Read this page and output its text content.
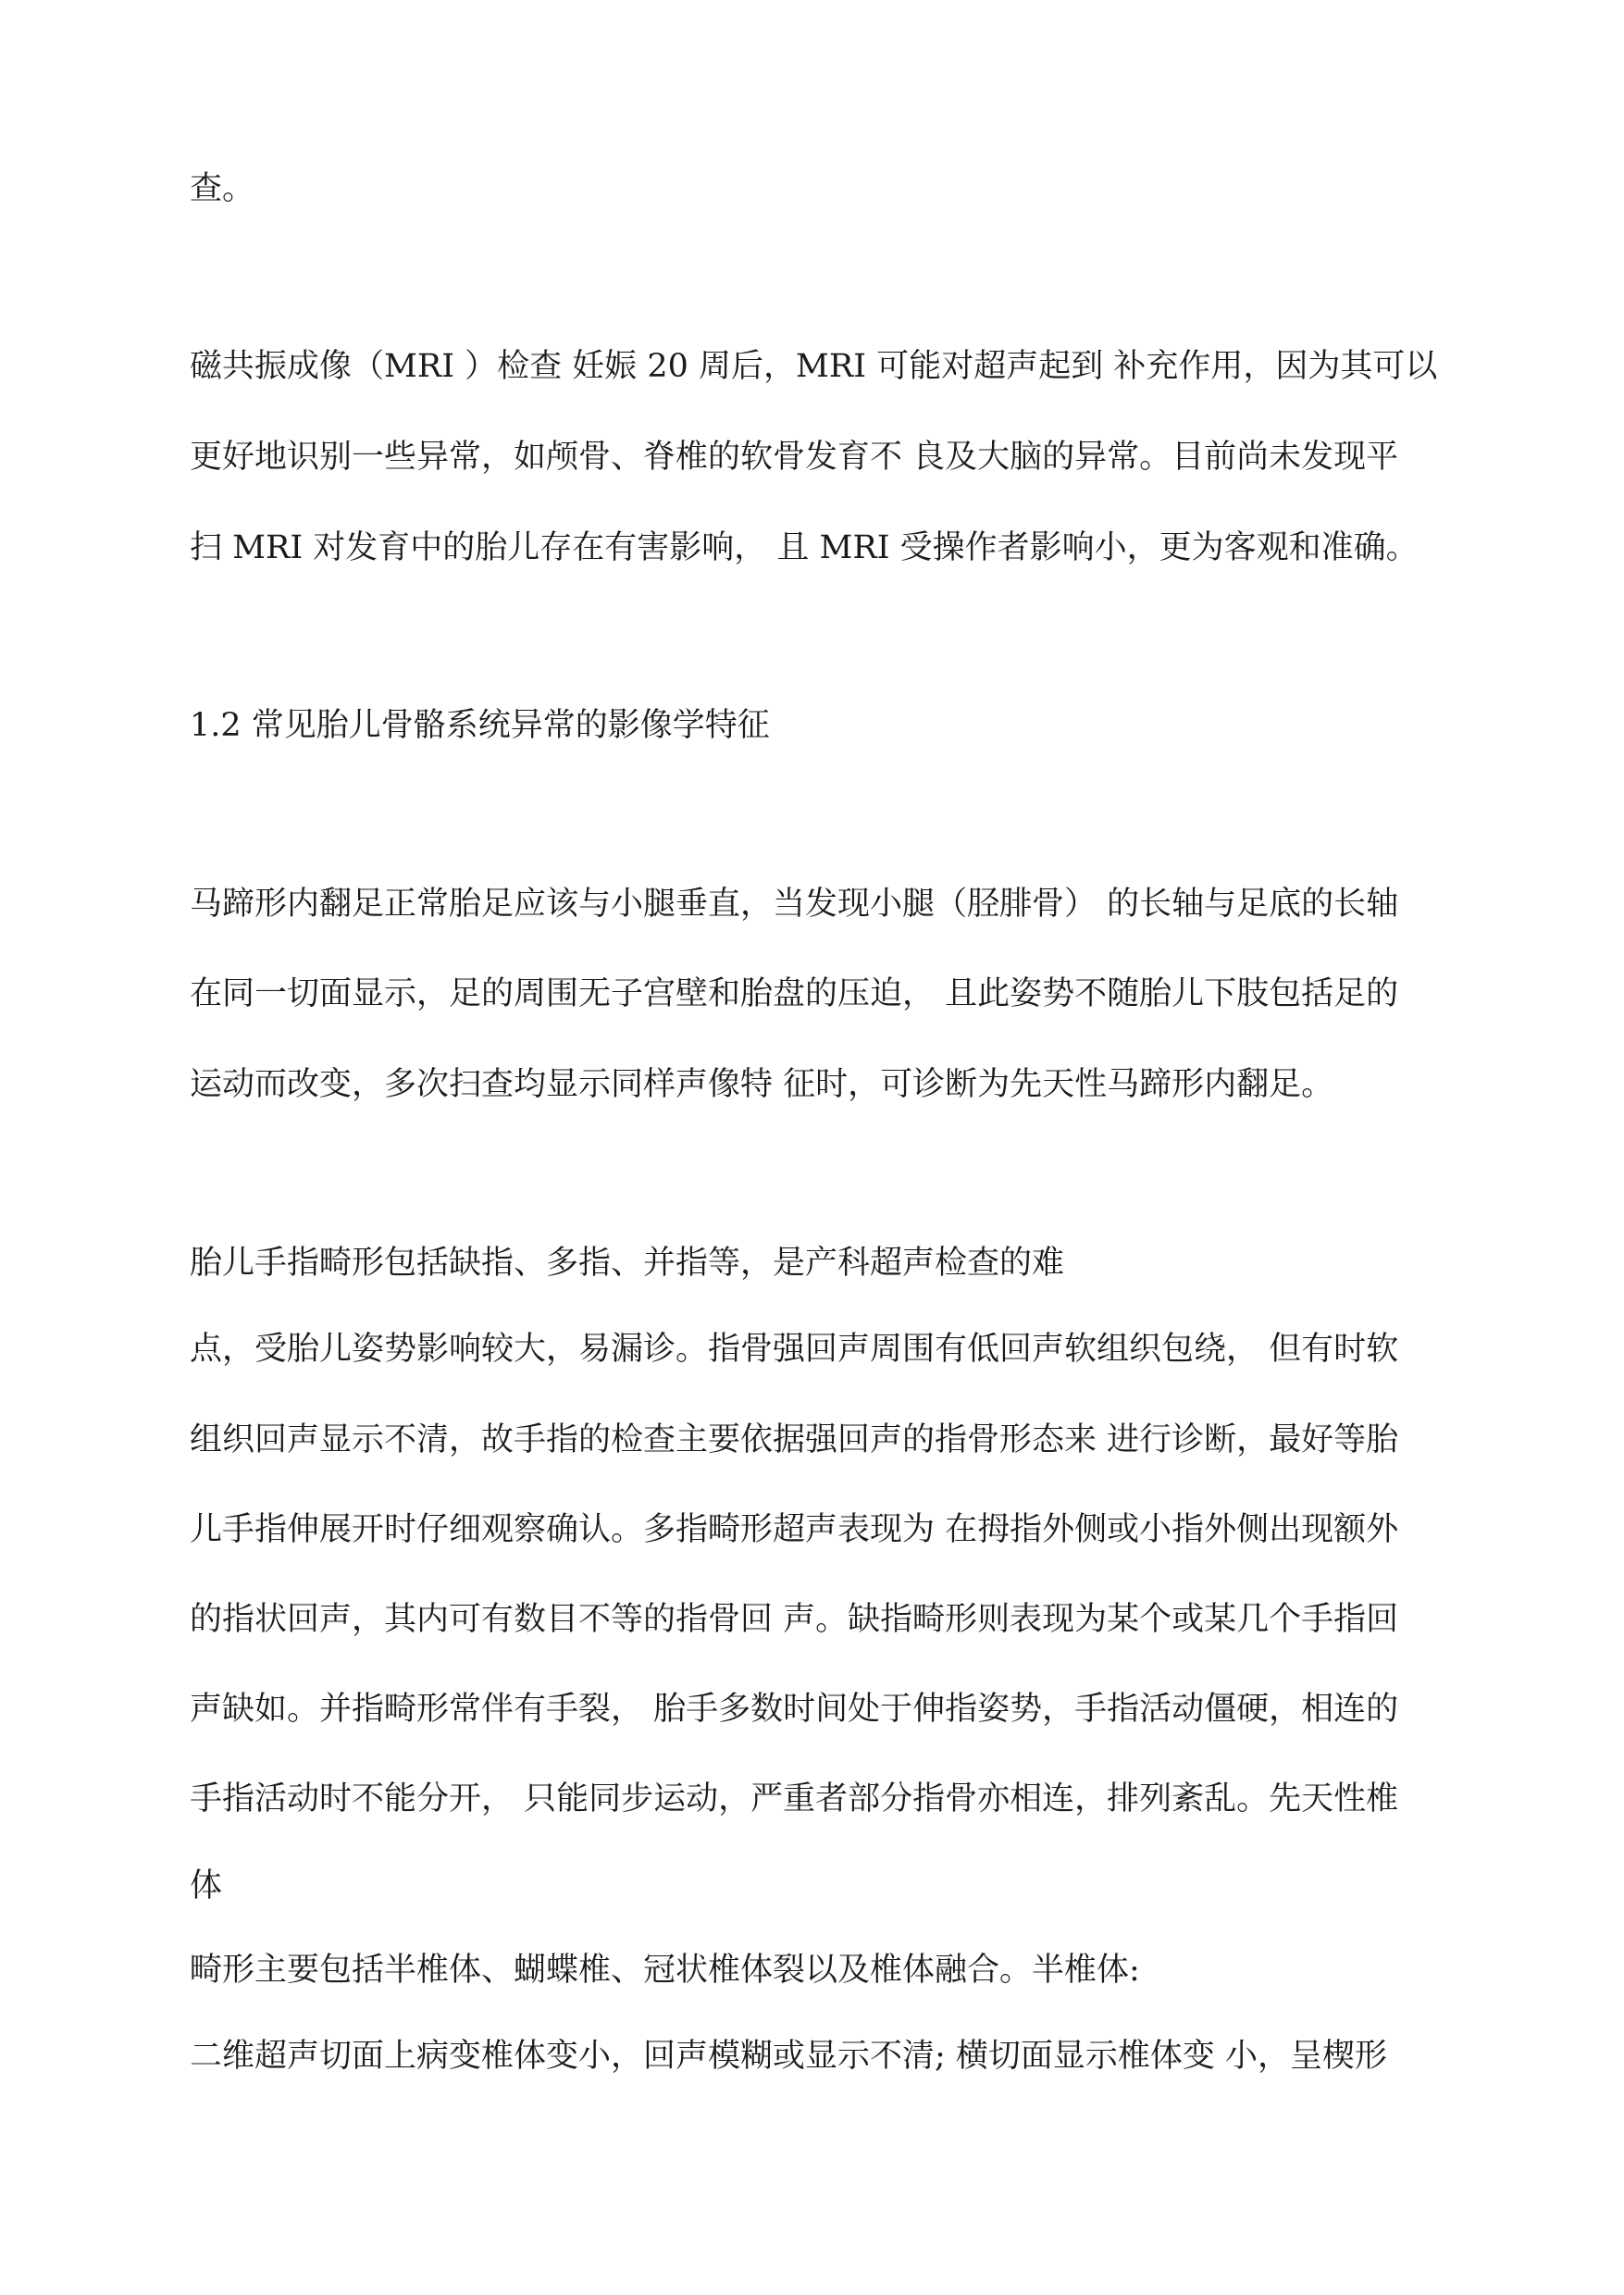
查。

磁共振成像（MRI ）检查 妊娠 20 周后，MRI 可能对超声起到 补充作用，因为其可以

更好地识别一些异常，如颅骨、脊椎的软骨发育不 良及大脑的异常。目前尚未发现平

扫 MRI 对发育中的胎儿存在有害影响， 且 MRI 受操作者影响小，更为客观和准确。

1.2 常见胎儿骨骼系统异常的影像学特征

马蹄形内翻足正常胎足应该与小腿垂直，当发现小腿（胫腓骨） 的长轴与足底的长轴

在同一切面显示，足的周围无子宫壁和胎盘的压迫， 且此姿势不随胎儿下肢包括足的

运动而改变，多次扫查均显示同样声像特 征时，可诊断为先天性马蹄形内翻足。

胎儿手指畸形包括缺指、多指、并指等，是产科超声检查的难

点，受胎儿姿势影响较大，易漏诊。指骨强回声周围有低回声软组织包绕， 但有时软

组织回声显示不清，故手指的检查主要依据强回声的指骨形态来 进行诊断，最好等胎

儿手指伸展开时仔细观察确认。多指畸形超声表现为 在拇指外侧或小指外侧出现额外

的指状回声，其内可有数目不等的指骨回 声。缺指畸形则表现为某个或某几个手指回

声缺如。并指畸形常伴有手裂， 胎手多数时间处于伸指姿势，手指活动僵硬，相连的

手指活动时不能分开， 只能同步运动，严重者部分指骨亦相连，排列紊乱。先天性椎

体

畸形主要包括半椎体、蝴蝶椎、冠状椎体裂以及椎体融合。半椎体:

二维超声切面上病变椎体变小，回声模糊或显示不清; 横切面显示椎体变 小，呈楔形
